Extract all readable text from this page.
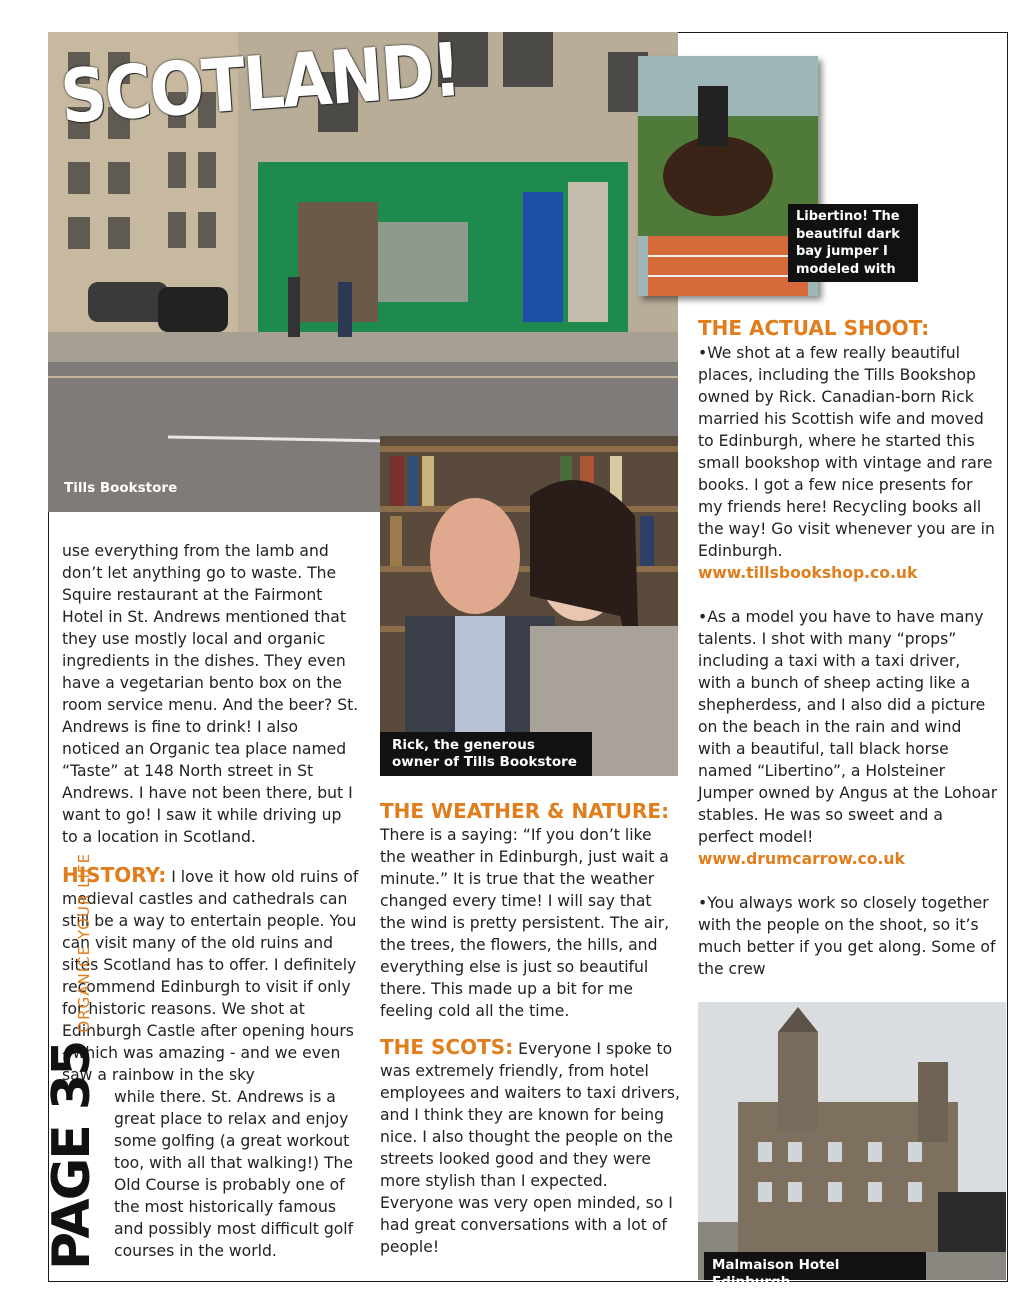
SCOTLAND!
Tills Bookstore
Libertino! The beautiful dark bay jumper I modeled with
Rick, the generous owner of Tills Bookstore
Malmaison Hotel Edinburgh

use everything from the lamb and don’t let anything go to waste. The Squire restaurant at the Fairmont Hotel in St. Andrews mentioned that they use mostly local and organic ingredients in the dishes. They even have a vegetarian bento box on the room service menu. And the beer? St. Andrews is fine to drink! I also noticed an Organic tea place named “Taste” at 148 North street in St Andrews. I have not been there, but I want to go! I saw it while driving up to a location in Scotland.

HISTORY: I love it how old ruins of medieval castles and cathedrals can still be a way to entertain people. You can visit many of the old ruins and sites Scotland has to offer. I definitely recommend Edinburgh to visit if only for historic reasons. We shot at Edinburgh Castle after opening hours - which was amazing - and we even saw a rainbow in the sky

while there. St. Andrews is a great place to relax and enjoy some golfing (a great workout too, with all that walking!) The Old Course is probably one of the most historically famous and possibly most difficult golf courses in the world.

PAGE 35 ORGANICE YOUR LIFE
THE WEATHER & NATURE:

There is a saying: “If you don’t like the weather in Edinburgh, just wait a minute.” It is true that the weather changed every time! I will say that the wind is pretty persistent. The air, the trees, the flowers, the hills, and everything else is just so beautiful there. This made up a bit for me feeling cold all the time.

THE SCOTS: Everyone I spoke to was extremely friendly, from hotel employees and waiters to taxi drivers, and I think they are known for being nice. I also thought the people on the streets looked good and they were more stylish than I expected. Everyone was very open minded, so I had great conversations with a lot of people!

THE ACTUAL SHOOT:

•We shot at a few really beautiful places, including the Tills Bookshop owned by Rick. Canadian-born Rick married his Scottish wife and moved to Edinburgh, where he started this small bookshop with vintage and rare books. I got a few nice presents for my friends here! Recycling books all the way! Go visit whenever you are in Edinburgh.

www.tillsbookshop.co.uk

•As a model you have to have many talents. I shot with many “props” including a taxi with a taxi driver, with a bunch of sheep acting like a shepherdess, and I also did a picture on the beach in the rain and wind with a beautiful, tall black horse named “Libertino”, a Holsteiner Jumper owned by Angus at the Lohoar stables. He was so sweet and a perfect model!

www.drumcarrow.co.uk

•You always work so closely together with the people on the shoot, so it’s much better if you get along. Some of the crew
